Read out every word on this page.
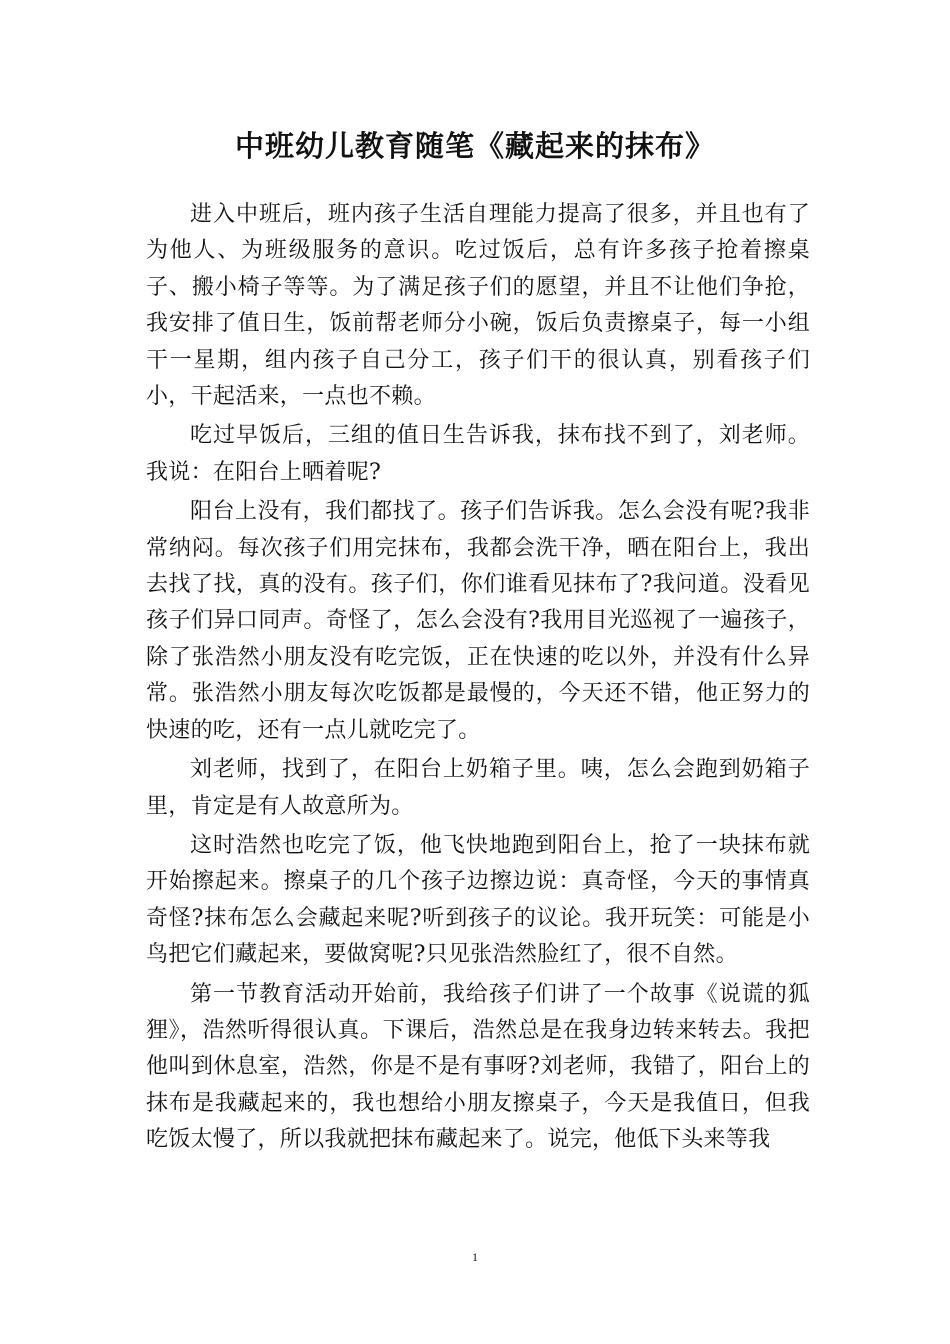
中班幼儿教育随笔《藏起来的抹布》

进入中班后，班内孩子生活自理能力提高了很多，并且也有了为他人、为班级服务的意识。吃过饭后，总有许多孩子抢着擦桌子、搬小椅子等等。为了满足孩子们的愿望，并且不让他们争抢，我安排了值日生，饭前帮老师分小碗，饭后负责擦桌子，每一小组干一星期，组内孩子自己分工，孩子们干的很认真，别看孩子们小，干起活来，一点也不赖。

吃过早饭后，三组的值日生告诉我，抹布找不到了，刘老师。我说：在阳台上晒着呢?

阳台上没有，我们都找了。孩子们告诉我。怎么会没有呢?我非常纳闷。每次孩子们用完抹布，我都会洗干净，晒在阳台上，我出去找了找，真的没有。孩子们，你们谁看见抹布了?我问道。没看见孩子们异口同声。奇怪了，怎么会没有?我用目光巡视了一遍孩子，除了张浩然小朋友没有吃完饭，正在快速的吃以外，并没有什么异常。张浩然小朋友每次吃饭都是最慢的，今天还不错，他正努力的快速的吃，还有一点儿就吃完了。

刘老师，找到了，在阳台上奶箱子里。咦，怎么会跑到奶箱子里，肯定是有人故意所为。

这时浩然也吃完了饭，他飞快地跑到阳台上，抢了一块抹布就开始擦起来。擦桌子的几个孩子边擦边说：真奇怪，今天的事情真奇怪?抹布怎么会藏起来呢?听到孩子的议论。我开玩笑：可能是小鸟把它们藏起来，要做窝呢?只见张浩然脸红了，很不自然。

第一节教育活动开始前，我给孩子们讲了一个故事《说谎的狐狸》，浩然听得很认真。下课后，浩然总是在我身边转来转去。我把他叫到休息室，浩然，你是不是有事呀?刘老师，我错了，阳台上的抹布是我藏起来的，我也想给小朋友擦桌子，今天是我值日，但我吃饭太慢了，所以我就把抹布藏起来了。说完，他低下头来等我

1
